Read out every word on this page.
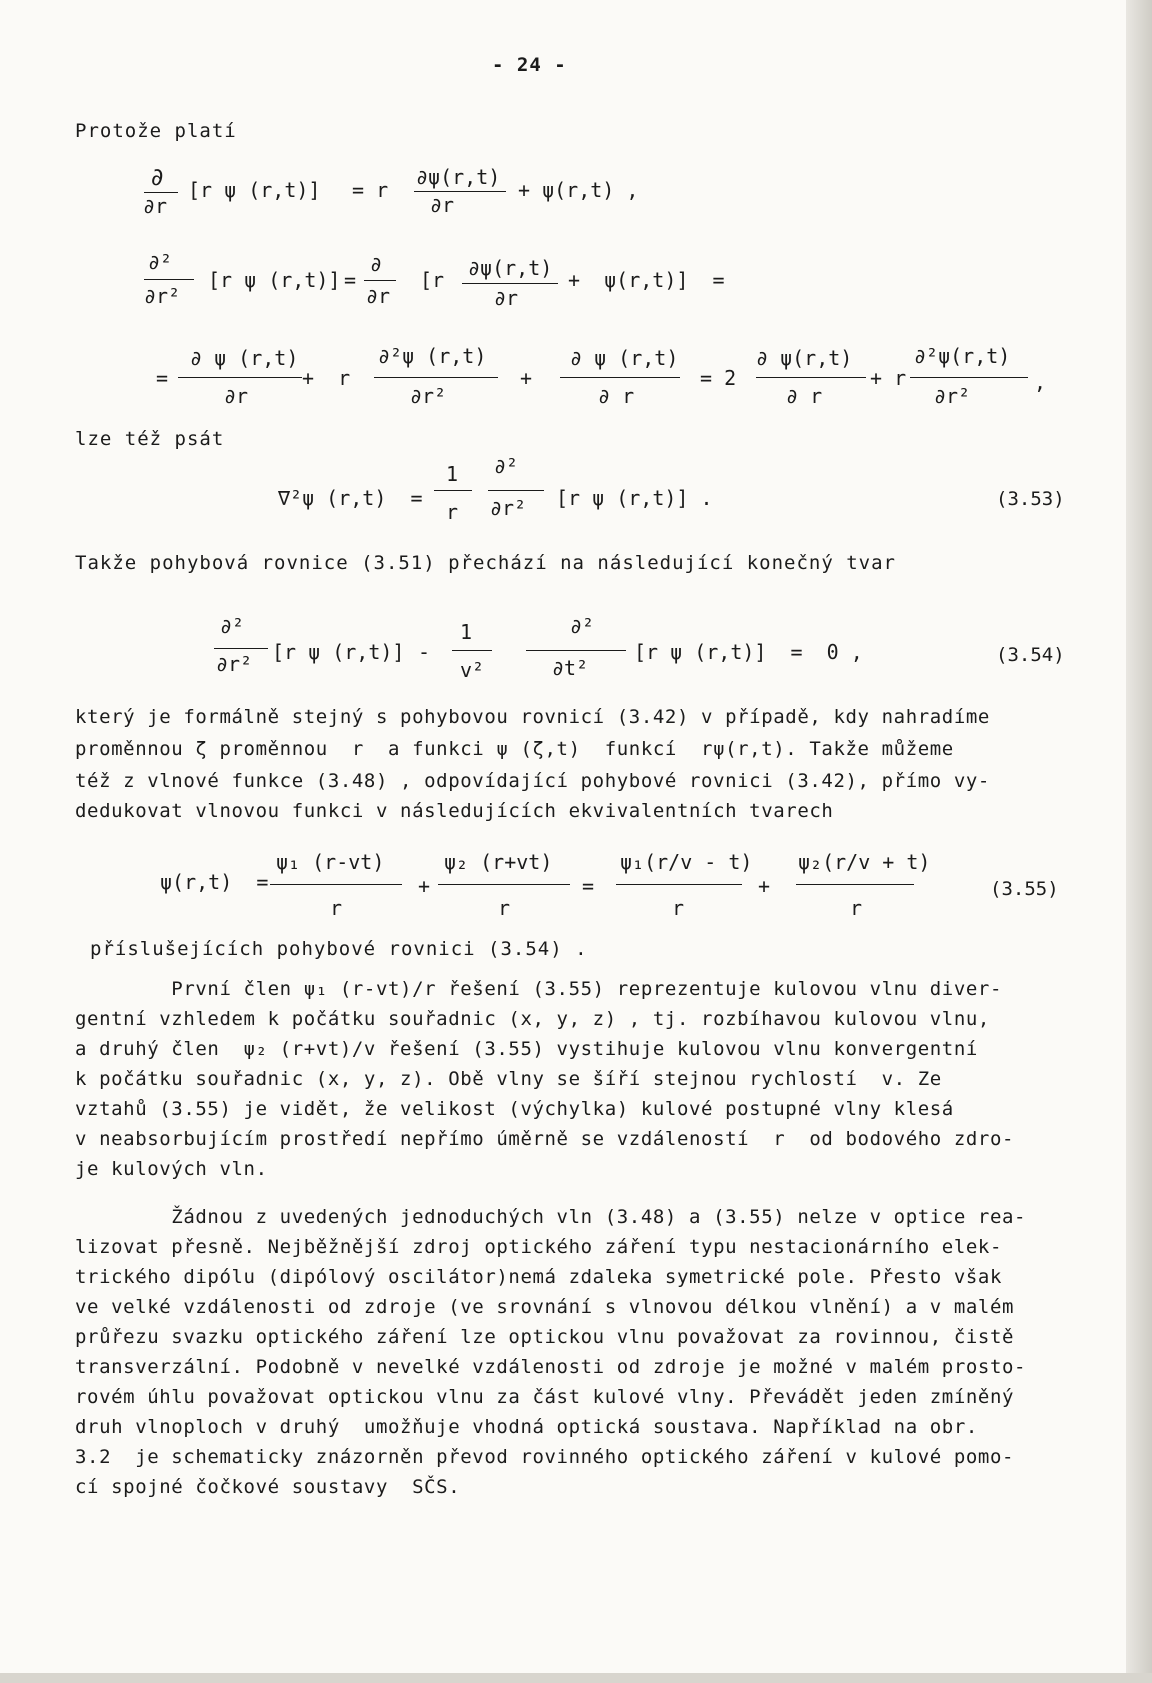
- 24 -
Protože platí
∂
∂r
[r ψ (r,t)] = r
∂ψ(r,t)
∂r
+ ψ(r,t) ,
∂²
∂r²
[r ψ (r,t)] =
∂
∂r
[r ∂ψ(r,t)
∂r
+  ψ(r,t)]  =
=
∂ ψ (r,t)
∂r
+  r
∂²ψ (r,t)
∂r²
+
∂ ψ (r,t)
∂ r
= 2
∂ ψ(r,t)
∂ r
+ r
∂²ψ(r,t)
∂r²
,
lze též psát
∇²ψ (r,t)  =
1
r
∂²
∂r² [r ψ (r,t)] .	(3.53)
Takže pohybová rovnice (3.51) přechází na následující konečný tvar
∂²
∂r² [r ψ (r,t)] -
1
v²
∂²
∂t²
[r ψ (r,t)]  =  0 ,	(3.54)
který je formálně stejný s pohybovou rovnicí (3.42) v případě, kdy nahradíme
proměnnou ζ proměnnou  r  a funkci ψ (ζ,t)  funkcí  rψ(r,t). Takže můžeme
též z vlnové funkce (3.48) , odpovídající pohybové rovnici (3.42), přímo vy-
dedukovat vlnovou funkci v následujících ekvivalentních tvarech
ψ(r,t)  =
ψ₁ (r-vt)
r
+
ψ₂ (r+vt)
r
=
ψ₁(r/v - t)
r
+
ψ₂(r/v + t)
r
(3.55)
příslušejících pohybové rovnici (3.54) .
První člen ψ₁ (r-vt)/r řešení (3.55) reprezentuje kulovou vlnu diver-
gentní vzhledem k počátku souřadnic (x, y, z) , tj. rozbíhavou kulovou vlnu,
a druhý člen  ψ₂ (r+vt)/v řešení (3.55) vystihuje kulovou vlnu konvergentní
k počátku souřadnic (x, y, z). Obě vlny se šíří stejnou rychlostí  v. Ze
vztahů (3.55) je vidět, že velikost (výchylka) kulové postupné vlny klesá
v neabsorbujícím prostředí nepřímo úměrně se vzdáleností  r  od bodového zdro-
je kulových vln.
Žádnou z uvedených jednoduchých vln (3.48) a (3.55) nelze v optice rea-
lizovat přesně. Nejběžnější zdroj optického záření typu nestacionárního elek-
trického dipólu (dipólový oscilátor)nemá zdaleka symetrické pole. Přesto však
ve velké vzdálenosti od zdroje (ve srovnání s vlnovou délkou vlnění) a v malém
průřezu svazku optického záření lze optickou vlnu považovat za rovinnou, čistě
transverzální. Podobně v nevelké vzdálenosti od zdroje je možné v malém prosto-
rovém úhlu považovat optickou vlnu za část kulové vlny. Převádět jeden zmíněný
druh vlnoploch v druhý  umožňuje vhodná optická soustava. Například na obr.
3.2  je schematicky znázorněn převod rovinného optického záření v kulové pomo-
cí spojné čočkové soustavy  SČS.
